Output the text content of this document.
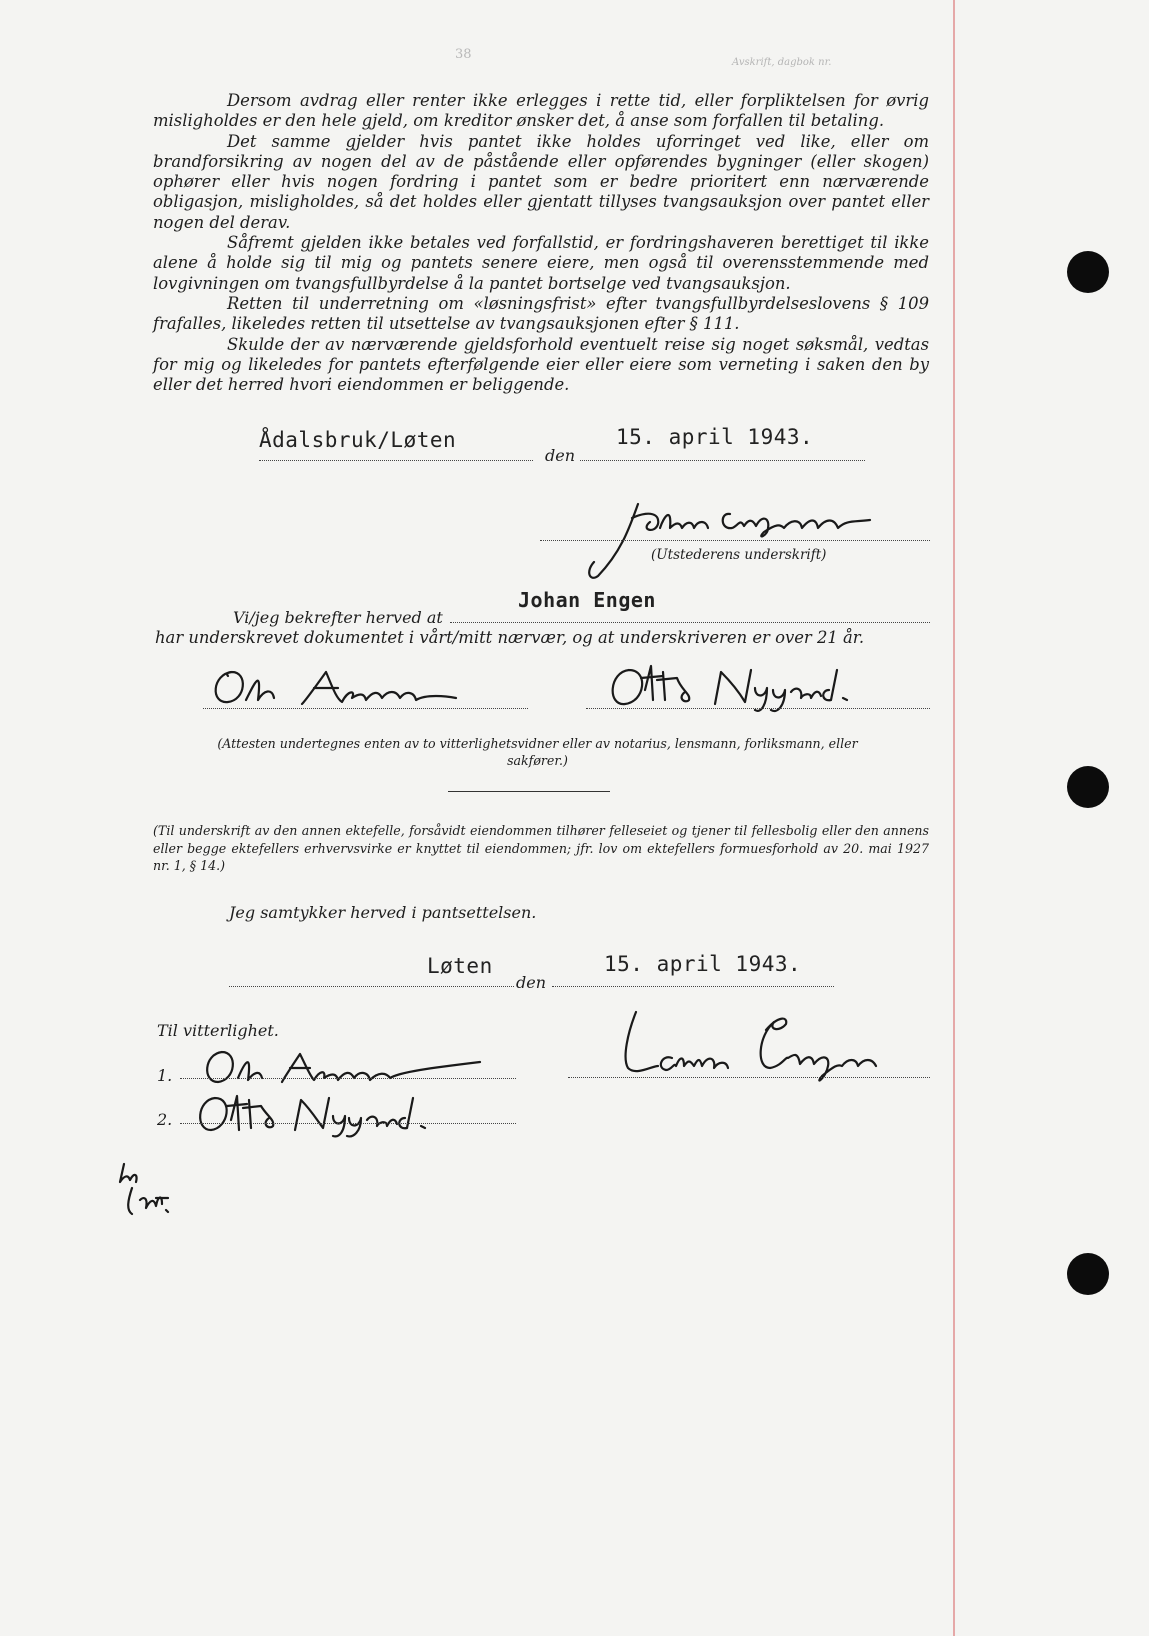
38
Avskrift, dagbok nr.

Dersom avdrag eller renter ikke erlegges i rette tid, eller forpliktelsen for øvrig misligholdes er den hele gjeld, om kreditor ønsker det, å anse som forfallen til betaling.

Det samme gjelder hvis pantet ikke holdes uforringet ved like, eller om brandforsikring av nogen del av de påstående eller opførendes bygninger (eller skogen) ophører eller hvis nogen fordring i pantet som er bedre prioritert enn nærværende obligasjon, misligholdes, så det holdes eller gjentatt tillyses tvangsauksjon over pantet eller nogen del derav.

Såfremt gjelden ikke betales ved forfallstid, er fordringshaveren berettiget til ikke alene å holde sig til mig og pantets senere eiere, men også til overensstemmende med lovgivningen om tvangsfullbyrdelse å la pantet bortselge ved tvangsauksjon.

Retten til underretning om «løsningsfrist» efter tvangsfullbyrdelseslovens § 109 frafalles, likeledes retten til utsettelse av tvangsauksjonen efter § 111.

Skulde der av nærværende gjeldsforhold eventuelt reise sig noget søksmål, vedtas for mig og likeledes for pantets efterfølgende eier eller eiere som verneting i saken den by eller det herred hvori eiendommen er beliggende.

Ådalsbruk/Løten
den
15. april 1943.
(Utstederens underskrift)
Johan Engen
Vi/jeg bekrefter herved at
har underskrevet dokumentet i vårt/mitt nærvær, og at underskriveren er over 21 år.
(Attesten undertegnes enten av to vitterlighetsvidner eller av notarius, lensmann, forliksmann, eller sakfører.)
(Til underskrift av den annen ektefelle, forsåvidt eiendommen tilhører felleseiet og tjener til fellesbolig eller den annens eller begge ektefellers erhvervsvirke er knyttet til eiendommen; jfr. lov om ektefellers formuesforhold av 20. mai 1927 nr. 1, § 14.)
Jeg samtykker herved i pantsettelsen.
Løten
den
15. april 1943.
Til vitterlighet.
1.
2.
